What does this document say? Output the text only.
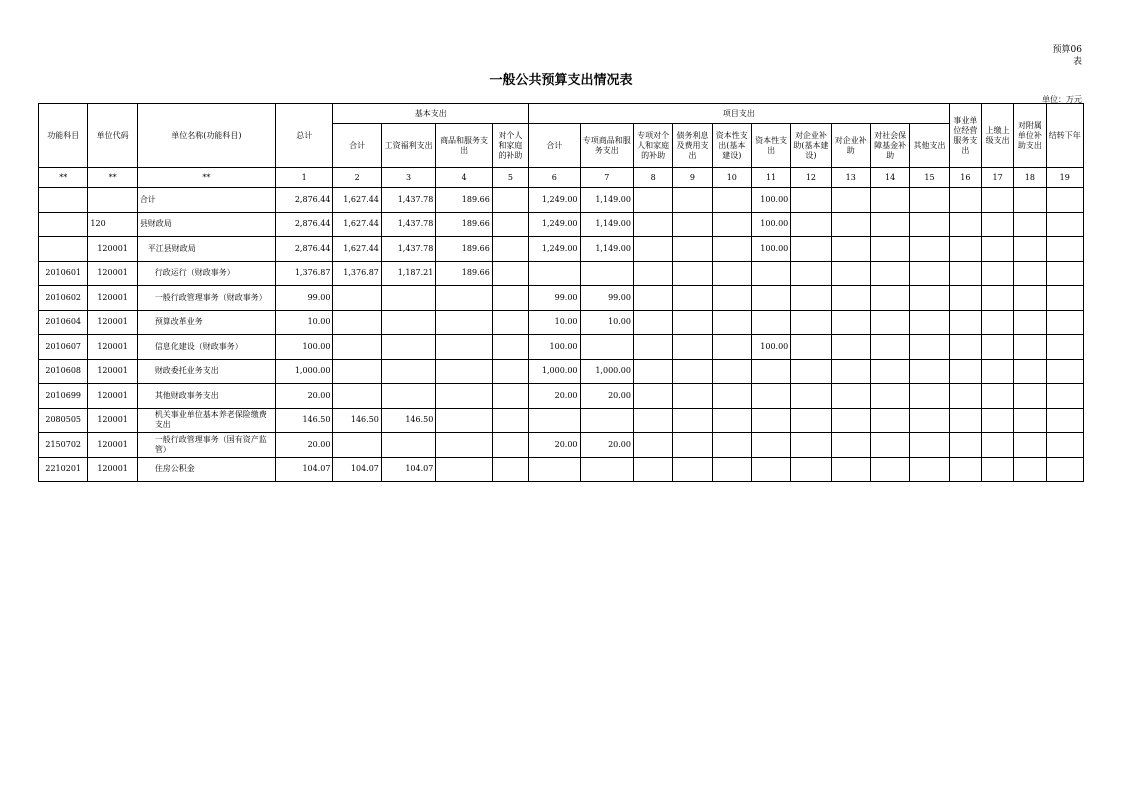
预算06
表
一般公共预算支出情况表
单位：万元
功能科目	单位代码	单位名称(功能科目)	总计	基本支出				项目支出										事业单位经营服务支出	上缴上级支出	对附属单位补助支出	结转下年
				合计	工资福利支出	商品和服务支出	对个人和家庭的补助	合计	专项商品和服务支出	专项对个人和家庭的补助	债务利息及费用支出	资本性支出(基本建设)	资本性支出	对企业补助(基本建设)	对企业补助	对社会保障基金补助	其他支出				
**	**	**	1	2	3	4	5	6	7	8	9	10	11	12	13	14	15	16	17	18	19
		合计	2,876.44	1,627.44	1,437.78	189.66		1,249.00	1,149.00				100.00								
	120	县财政局	2,876.44	1,627.44	1,437.78	189.66		1,249.00	1,149.00				100.00								
	120001	平江县财政局	2,876.44	1,627.44	1,437.78	189.66		1,249.00	1,149.00				100.00								
2010601	120001	行政运行（财政事务）	1,376.87	1,376.87	1,187.21	189.66															
2010602	120001	一般行政管理事务（财政事务）	99.00					99.00	99.00												
2010604	120001	预算改革业务	10.00					10.00	10.00												
2010607	120001	信息化建设（财政事务）	100.00					100.00					100.00								
2010608	120001	财政委托业务支出	1,000.00					1,000.00	1,000.00												
2010699	120001	其他财政事务支出	20.00					20.00	20.00												
2080505	120001	机关事业单位基本养老保险缴费支出	146.50	146.50	146.50																
2150702	120001	一般行政管理事务（国有资产监管）	20.00					20.00	20.00												
2210201	120001	住房公积金	104.07	104.07	104.07																
